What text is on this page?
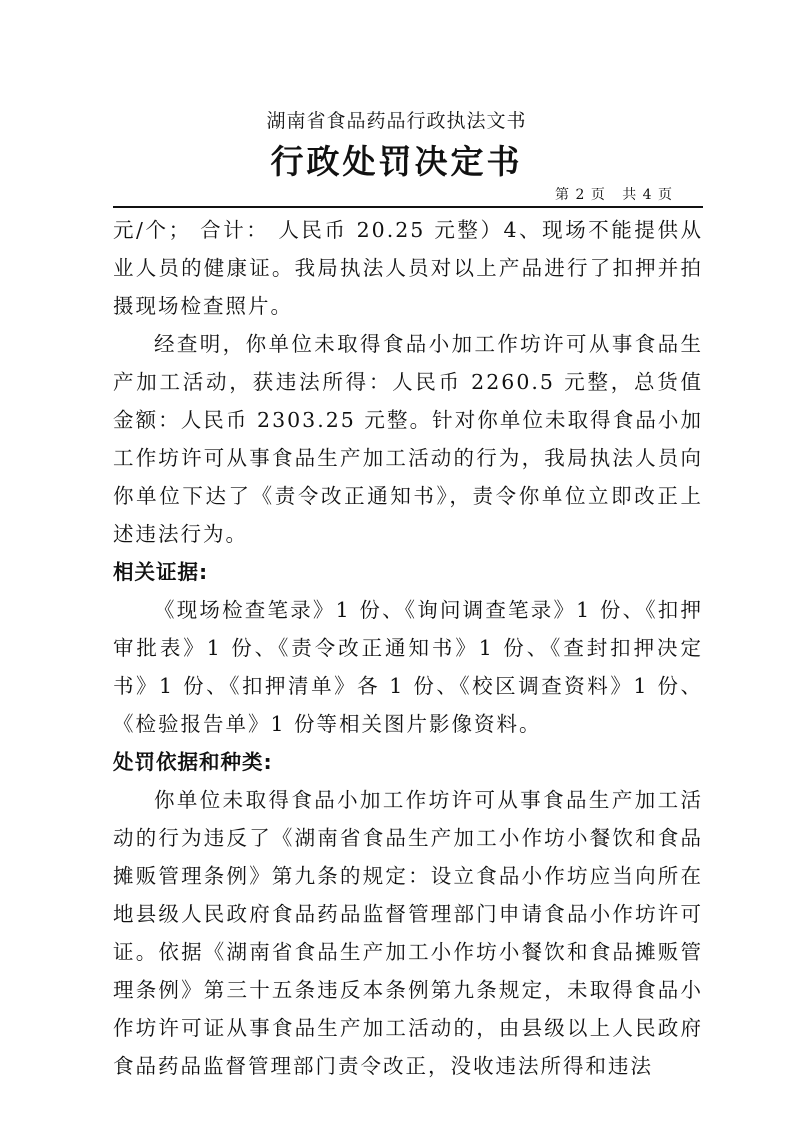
湖南省食品药品行政执法文书
行政处罚决定书
第 2 页   共 4 页

元/个； 合计： 人民币 20.25 元整）4、现场不能提供从业人员的健康证。我局执法人员对以上产品进行了扣押并拍摄现场检查照片。

经查明，你单位未取得食品小加工作坊许可从事食品生产加工活动，获违法所得：人民币 2260.5 元整，总货值金额：人民币 2303.25 元整。针对你单位未取得食品小加工作坊许可从事食品生产加工活动的行为，我局执法人员向你单位下达了《责令改正通知书》，责令你单位立即改正上述违法行为。

相关证据:

《现场检查笔录》1 份、《询问调查笔录》1 份、《扣押审批表》1 份、《责令改正通知书》1 份、《查封扣押决定书》1 份、《扣押清单》各 1 份、《校区调查资料》1 份、《检验报告单》1 份等相关图片影像资料。

处罚依据和种类:

你单位未取得食品小加工作坊许可从事食品生产加工活动的行为违反了《湖南省食品生产加工小作坊小餐饮和食品摊贩管理条例》第九条的规定：设立食品小作坊应当向所在地县级人民政府食品药品监督管理部门申请食品小作坊许可证。依据《湖南省食品生产加工小作坊小餐饮和食品摊贩管理条例》第三十五条违反本条例第九条规定，未取得食品小作坊许可证从事食品生产加工活动的，由县级以上人民政府食品药品监督管理部门责令改正，没收违法所得和违法
